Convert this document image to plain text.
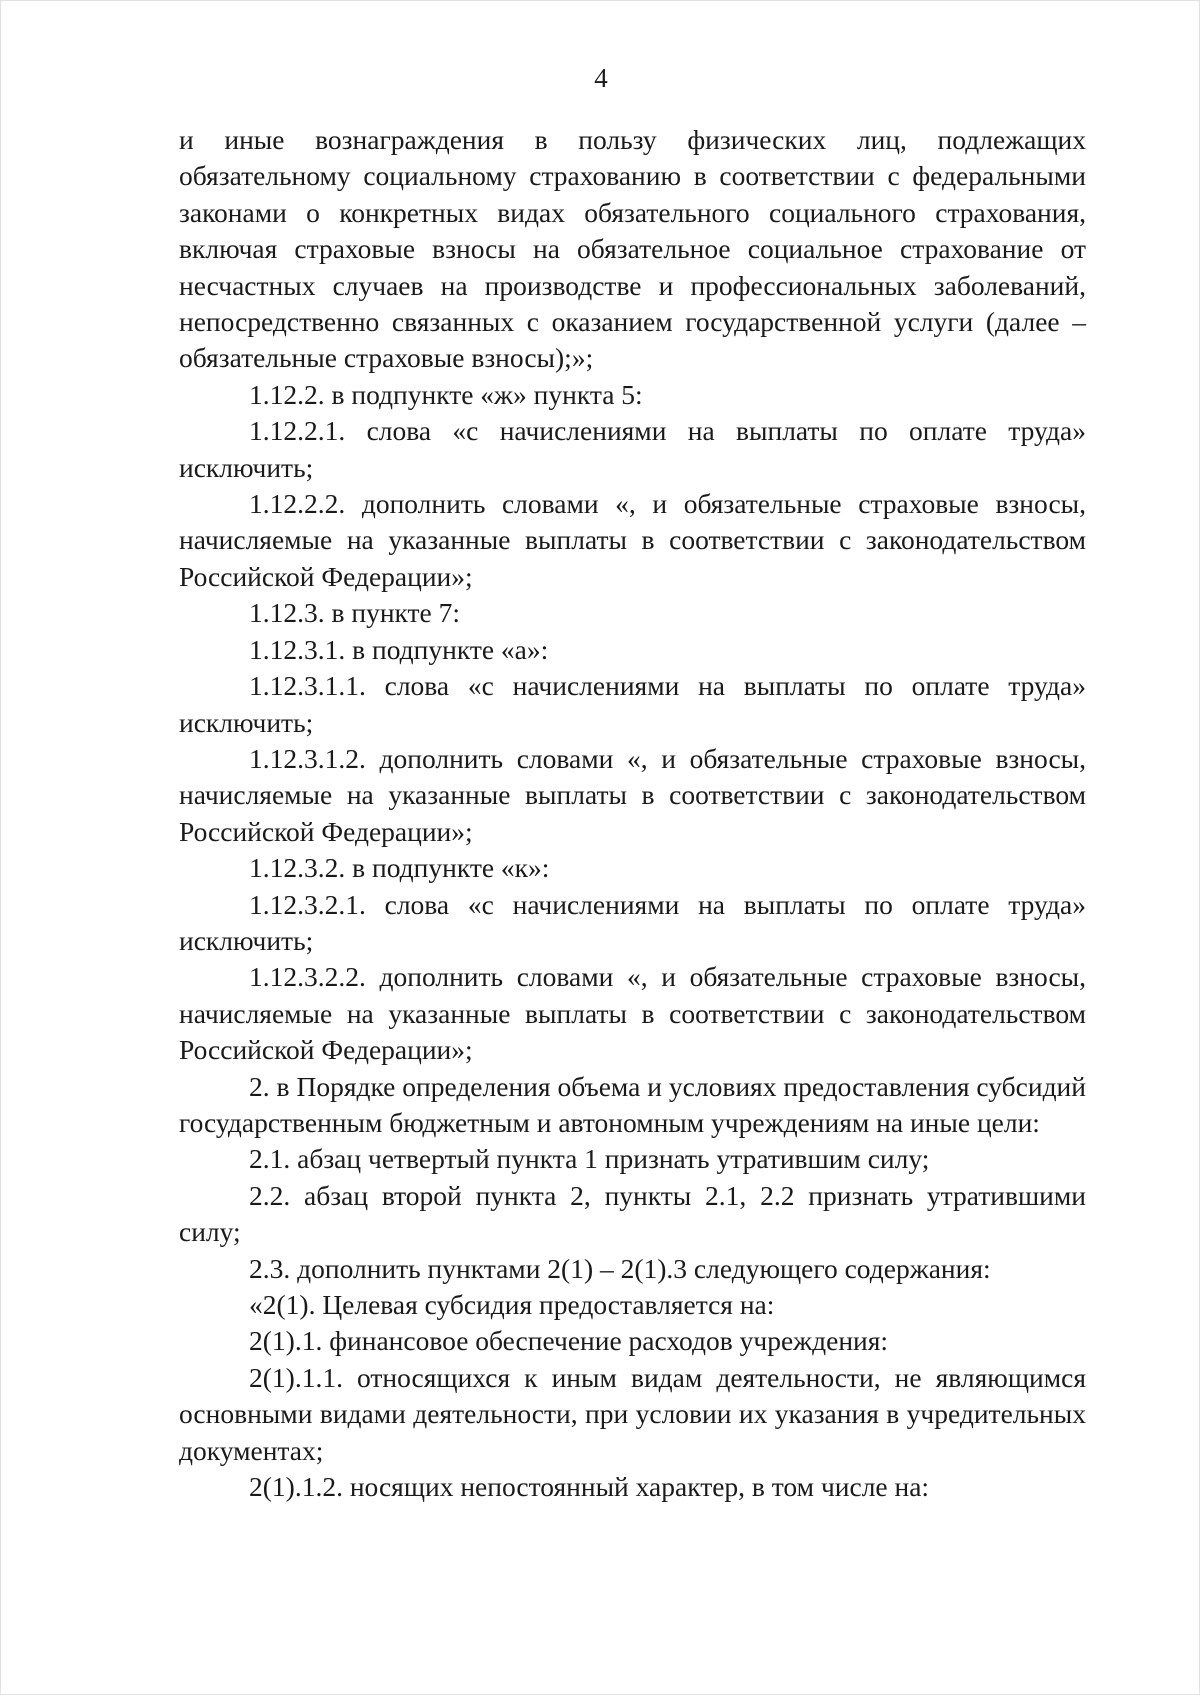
4

и иные вознаграждения в пользу физических лиц, подлежащих обязательному социальному страхованию в соответствии с федеральными законами о конкретных видах обязательного социального страхования, включая страховые взносы на обязательное социальное страхование от несчастных случаев на производстве и профессиональных заболеваний, непосредственно связанных с оказанием государственной услуги (далее – обязательные страховые взносы);»;

1.12.2. в подпункте «ж» пункта 5:

1.12.2.1. слова «с начислениями на выплаты по оплате труда» исключить;

1.12.2.2. дополнить словами «, и обязательные страховые взносы, начисляемые на указанные выплаты в соответствии с законодательством Российской Федерации»;

1.12.3. в пункте 7:

1.12.3.1. в подпункте «а»:

1.12.3.1.1. слова «с начислениями на выплаты по оплате труда» исключить;

1.12.3.1.2. дополнить словами «, и обязательные страховые взносы, начисляемые на указанные выплаты в соответствии с законодательством Российской Федерации»;

1.12.3.2. в подпункте «к»:

1.12.3.2.1. слова «с начислениями на выплаты по оплате труда» исключить;

1.12.3.2.2. дополнить словами «, и обязательные страховые взносы, начисляемые на указанные выплаты в соответствии с законодательством Российской Федерации»;

2. в Порядке определения объема и условиях предоставления субсидий государственным бюджетным и автономным учреждениям на иные цели:

2.1. абзац четвертый пункта 1 признать утратившим силу;

2.2. абзац второй пункта 2, пункты 2.1, 2.2 признать утратившими силу;

2.3. дополнить пунктами 2(1) – 2(1).3 следующего содержания:

«2(1). Целевая субсидия предоставляется на:

2(1).1. финансовое обеспечение расходов учреждения:

2(1).1.1. относящихся к иным видам деятельности, не являющимся основными видами деятельности, при условии их указания в учредительных документах;

2(1).1.2. носящих непостоянный характер, в том числе на:
